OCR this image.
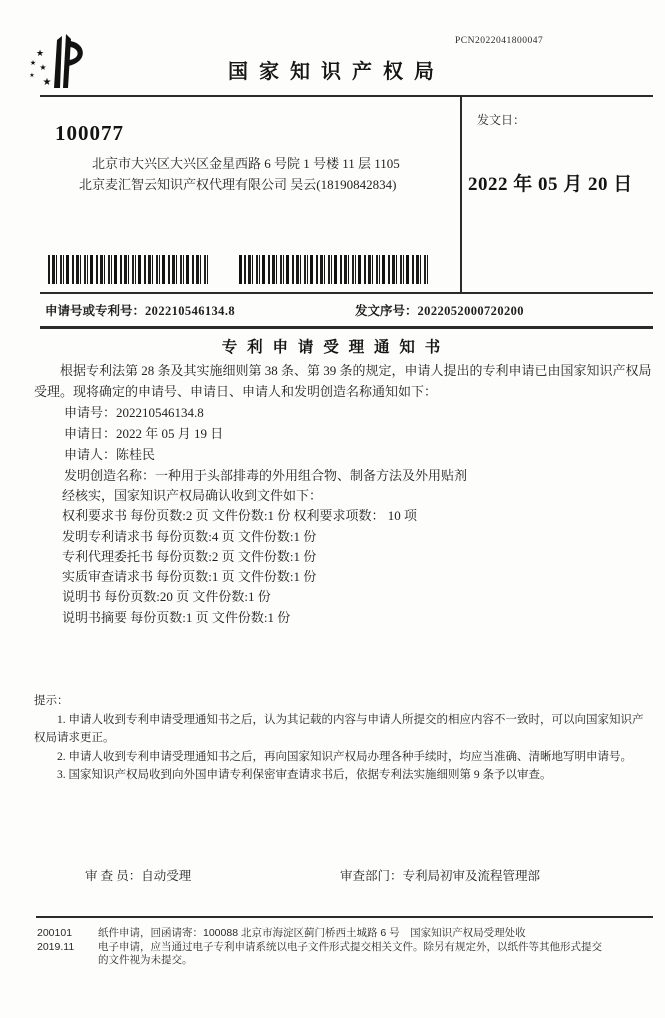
★
★ ★
★
★
PCN2022041800047
国 家 知 识 产 权 局
100077
北京市大兴区大兴区金星西路 6 号院 1 号楼 11 层 1105
北京麦汇智云知识产权代理有限公司 吴云(18190842834)
发文日：
2022 年 05 月 20 日
申请号或专利号：202210546134.8	发文序号：2022052000720200
专 利 申 请 受 理 通 知 书

根据专利法第 28 条及其实施细则第 38 条、第 39 条的规定，申请人提出的专利申请已由国家知识产权局受理。现将确定的申请号、申请日、申请人和发明创造名称通知如下：

申请号：202210546134.8
申请日：2022 年 05 月 19 日
申请人：陈桂民
发明创造名称：一种用于头部排毒的外用组合物、制备方法及外用贴剂
经核实，国家知识产权局确认收到文件如下：
权利要求书 每份页数:2 页 文件份数:1 份 权利要求项数： 10 项
发明专利请求书 每份页数:4 页 文件份数:1 份
专利代理委托书 每份页数:2 页 文件份数:1 份
实质审查请求书 每份页数:1 页 文件份数:1 份
说明书 每份页数:20 页 文件份数:1 份
说明书摘要 每份页数:1 页 文件份数:1 份

提示：

1. 申请人收到专利申请受理通知书之后，认为其记载的内容与申请人所提交的相应内容不一致时，可以向国家知识产权局请求更正。

2. 申请人收到专利申请受理通知书之后，再向国家知识产权局办理各种手续时，均应当准确、清晰地写明申请号。

3. 国家知识产权局收到向外国申请专利保密审查请求书后，依据专利法实施细则第 9 条予以审查。

审 查 员：自动受理	审查部门：专利局初审及流程管理部
200101
2019.11

纸件申请，回函请寄：100088 北京市海淀区蓟门桥西土城路 6 号　国家知识产权局受理处收

电子申请，应当通过电子专利申请系统以电子文件形式提交相关文件。除另有规定外，以纸件等其他形式提交的文件视为未提交。
